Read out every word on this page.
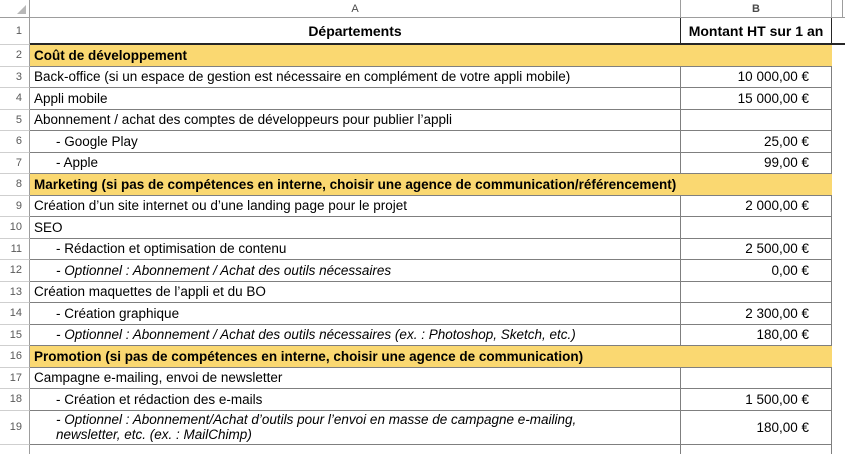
A	B
1	Départements	Montant HT sur 1 an
2 Coût de développement
3 Back-office (si un espace de gestion est nécessaire en complément de votre appli mobile)	10 000,00 €
4 Appli mobile	15 000,00 €
5 Abonnement / achat des comptes de développeurs pour publier l’appli
6	- Google Play	25,00 €
7	- Apple	99,00 €
8 Marketing (si pas de compétences en interne, choisir une agence de communication/référencement)
9 Création d’un site internet ou d’une landing page pour le projet	2 000,00 €
10 SEO
11	- Rédaction et optimisation de contenu	2 500,00 €
12	- Optionnel : Abonnement / Achat des outils nécessaires	0,00 €
13 Création maquettes de l’appli et du BO
14	- Création graphique	2 300,00 €
15	- Optionnel : Abonnement / Achat des outils nécessaires (ex. : Photoshop, Sketch, etc.)	180,00 €
16 Promotion (si pas de compétences en interne, choisir une agence de communication)
17 Campagne e-mailing, envoi de newsletter
18	- Création et rédaction des e-mails	1 500,00 €
19	- Optionnel : Abonnement/Achat d’outils pour l’envoi en masse de campagne e-mailing, newsletter, etc. (ex. : MailChimp)	180,00 €
